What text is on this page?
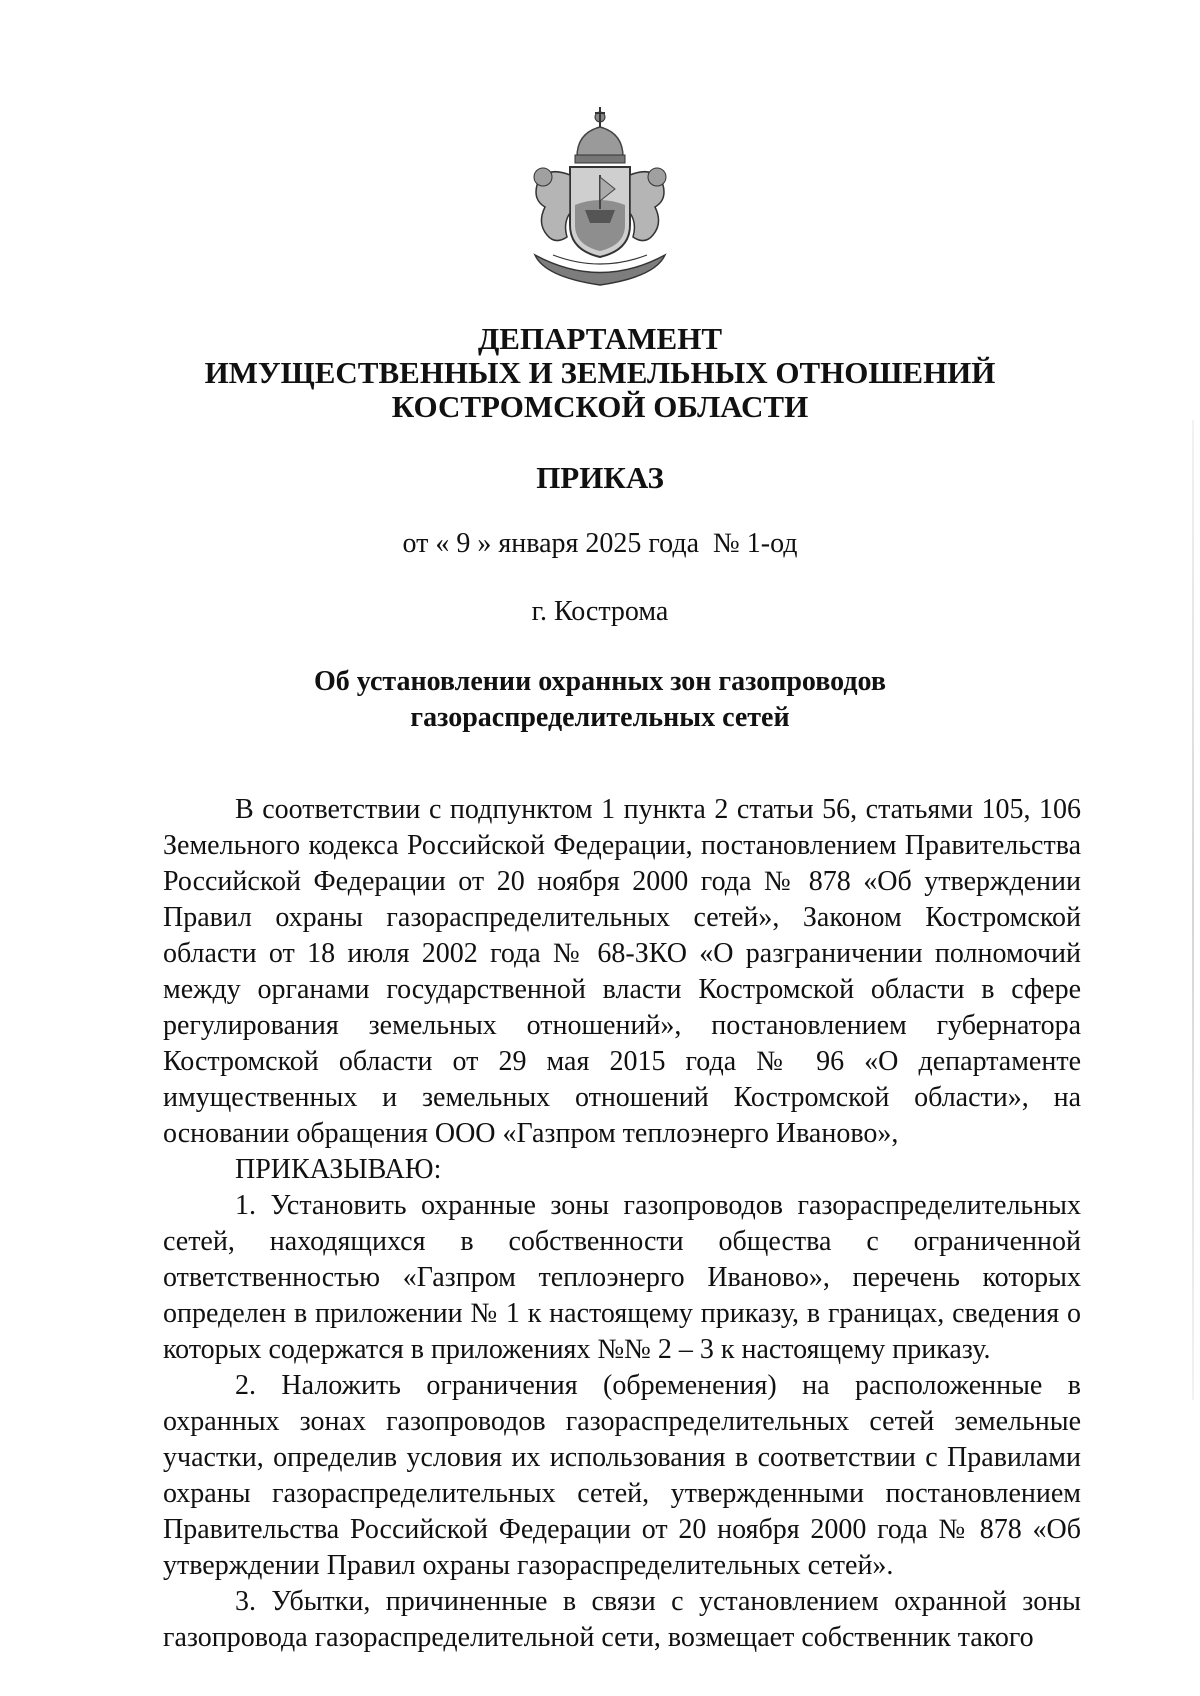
ДЕПАРТАМЕНТ
ИМУЩЕСТВЕННЫХ И ЗЕМЕЛЬНЫХ ОТНОШЕНИЙ
КОСТРОМСКОЙ ОБЛАСТИ
ПРИКАЗ
от « 9 » января 2025 года  № 1-од
г. Кострома
Об установлении охранных зон газопроводов
газораспределительных сетей

В соответствии с подпунктом 1 пункта 2 статьи 56, статьями 105, 106 Земельного кодекса Российской Федерации, постановлением Правительства Российской Федерации от 20 ноября 2000 года № 878 «Об утверждении Правил охраны газораспределительных сетей», Законом Костромской области от 18 июля 2002 года № 68-ЗКО «О разграничении полномочий между органами государственной власти Костромской области в сфере регулирования земельных отношений», постановлением губернатора Костромской области от 29 мая 2015 года № 96 «О департаменте имущественных и земельных отношений Костромской области», на основании обращения ООО «Газпром теплоэнерго Иваново»,

ПРИКАЗЫВАЮ:

1. Установить охранные зоны газопроводов газораспределительных сетей, находящихся в собственности общества с ограниченной ответственностью «Газпром теплоэнерго Иваново», перечень которых определен в приложении № 1 к настоящему приказу, в границах, сведения о которых содержатся в приложениях №№ 2 – 3 к настоящему приказу.

2. Наложить ограничения (обременения) на расположенные в охранных зонах газопроводов газораспределительных сетей земельные участки, определив условия их использования в соответствии с Правилами охраны газораспределительных сетей, утвержденными постановлением Правительства Российской Федерации от 20 ноября 2000 года № 878 «Об утверждении Правил охраны газораспределительных сетей».

3. Убытки, причиненные в связи с установлением охранной зоны газопровода газораспределительной сети, возмещает собственник такого
